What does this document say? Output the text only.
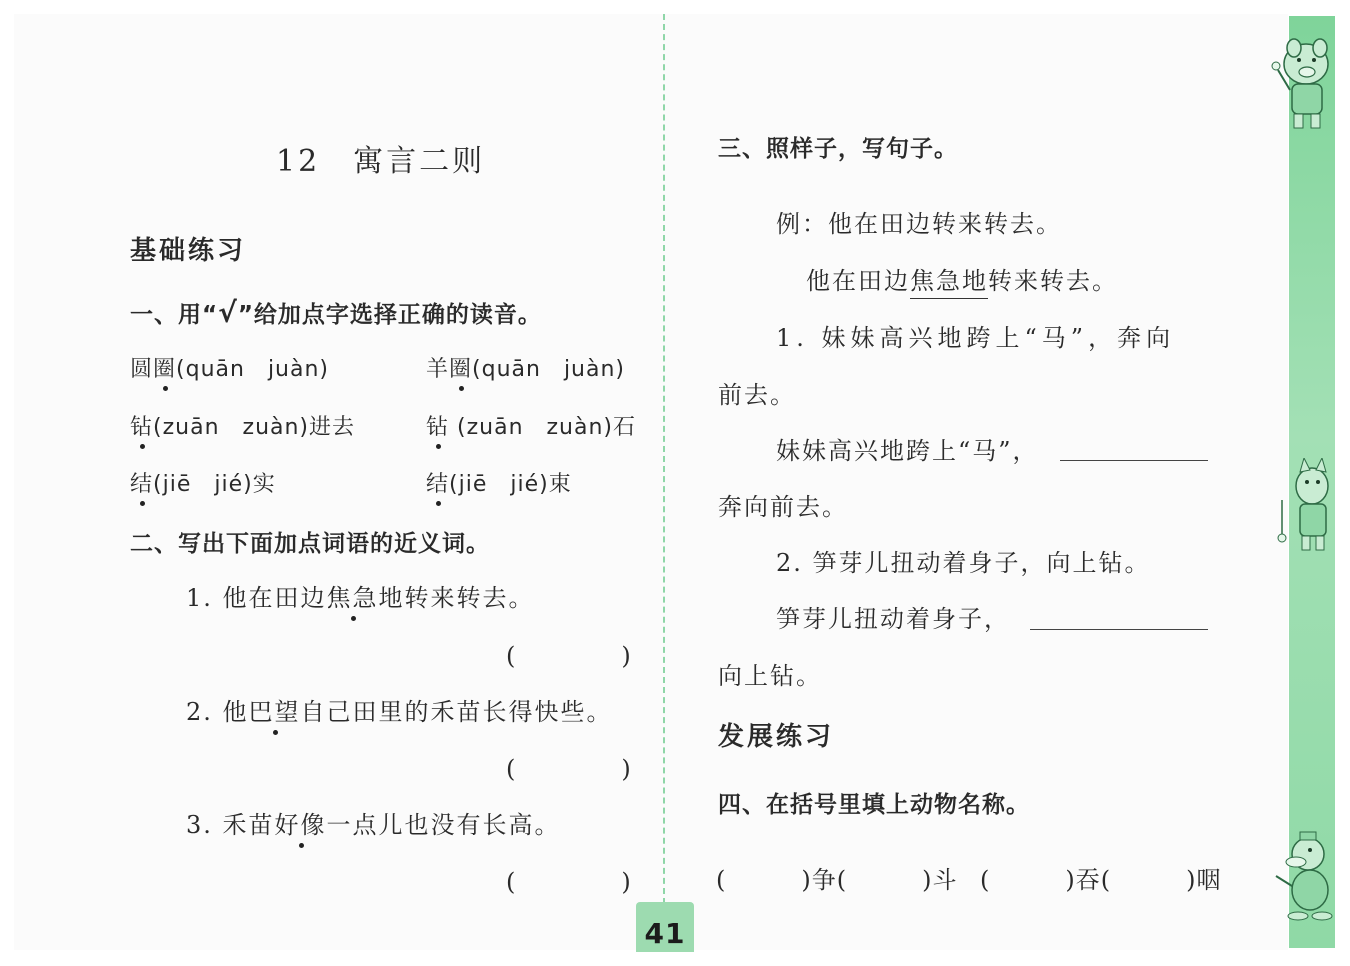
12　寓言二则
基础练习
一、用“√”给加点字选择正确的读音。
圆圈(quān　juàn)	羊圈(quān　juàn)
钻(zuān　zuàn)进去	钻 (zuān　zuàn)石
结(jiē　jié)实	结(jiē　jié)束
二、写出下面加点词语的近义词。
1. 他在田边焦急地转来转去。
(　　　　)
2. 他巴望自己田里的禾苗长得快些。
(　　　　)
3. 禾苗好像一点儿也没有长高。
(　　　　)
三、照样子，写句子。
例：他在田边转来转去。
他在田边焦急地转来转去。
1. 妹妹高兴地跨上“马”，奔向
前去。
妹妹高兴地跨上“马”，
奔向前去。
2. 笋芽儿扭动着身子，向上钻。
笋芽儿扭动着身子，
向上钻。
发展练习
四、在括号里填上动物名称。
(　　　)争(　　　)斗 (　　　)吞(　　　)咽
41
